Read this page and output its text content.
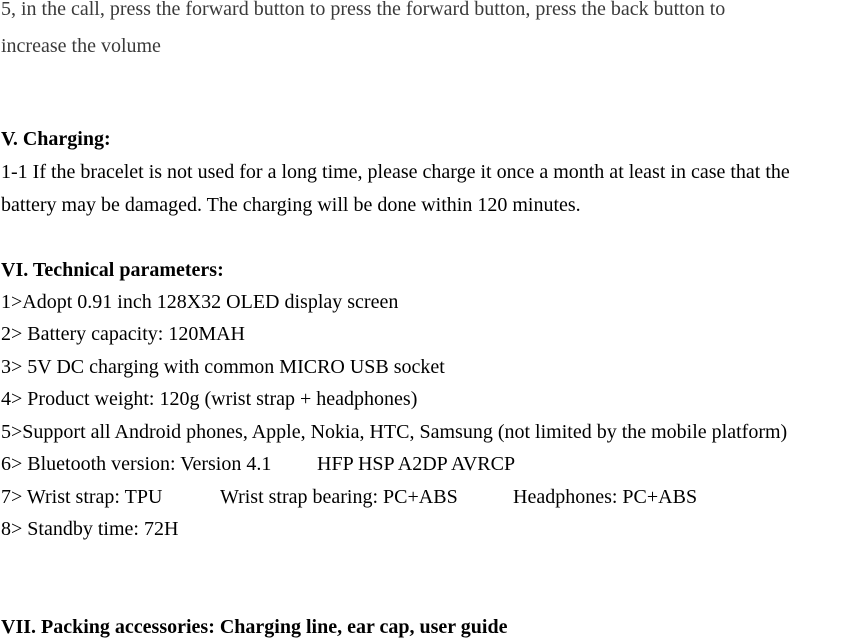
5, in the call, press the forward button to press the forward button, press the back button to
increase the volume
V. Charging:
1-1 If the bracelet is not used for a long time, please charge it once a month at least in case that the
battery may be damaged. The charging will be done within 120 minutes.
VI. Technical parameters:
1>Adopt 0.91 inch 128X32 OLED display screen
2> Battery capacity: 120MAH
3> 5V DC charging with common MICRO USB socket
4> Product weight: 120g (wrist strap + headphones)
5>Support all Android phones, Apple, Nokia, HTC, Samsung (not limited by the mobile platform)
6> Bluetooth version: Version 4.1 HFP HSP A2DP AVRCP
7> Wrist strap: TPU	Wrist strap bearing: PC+ABS	Headphones: PC+ABS
8> Standby time: 72H
VII. Packing accessories: Charging line, ear cap, user guide
